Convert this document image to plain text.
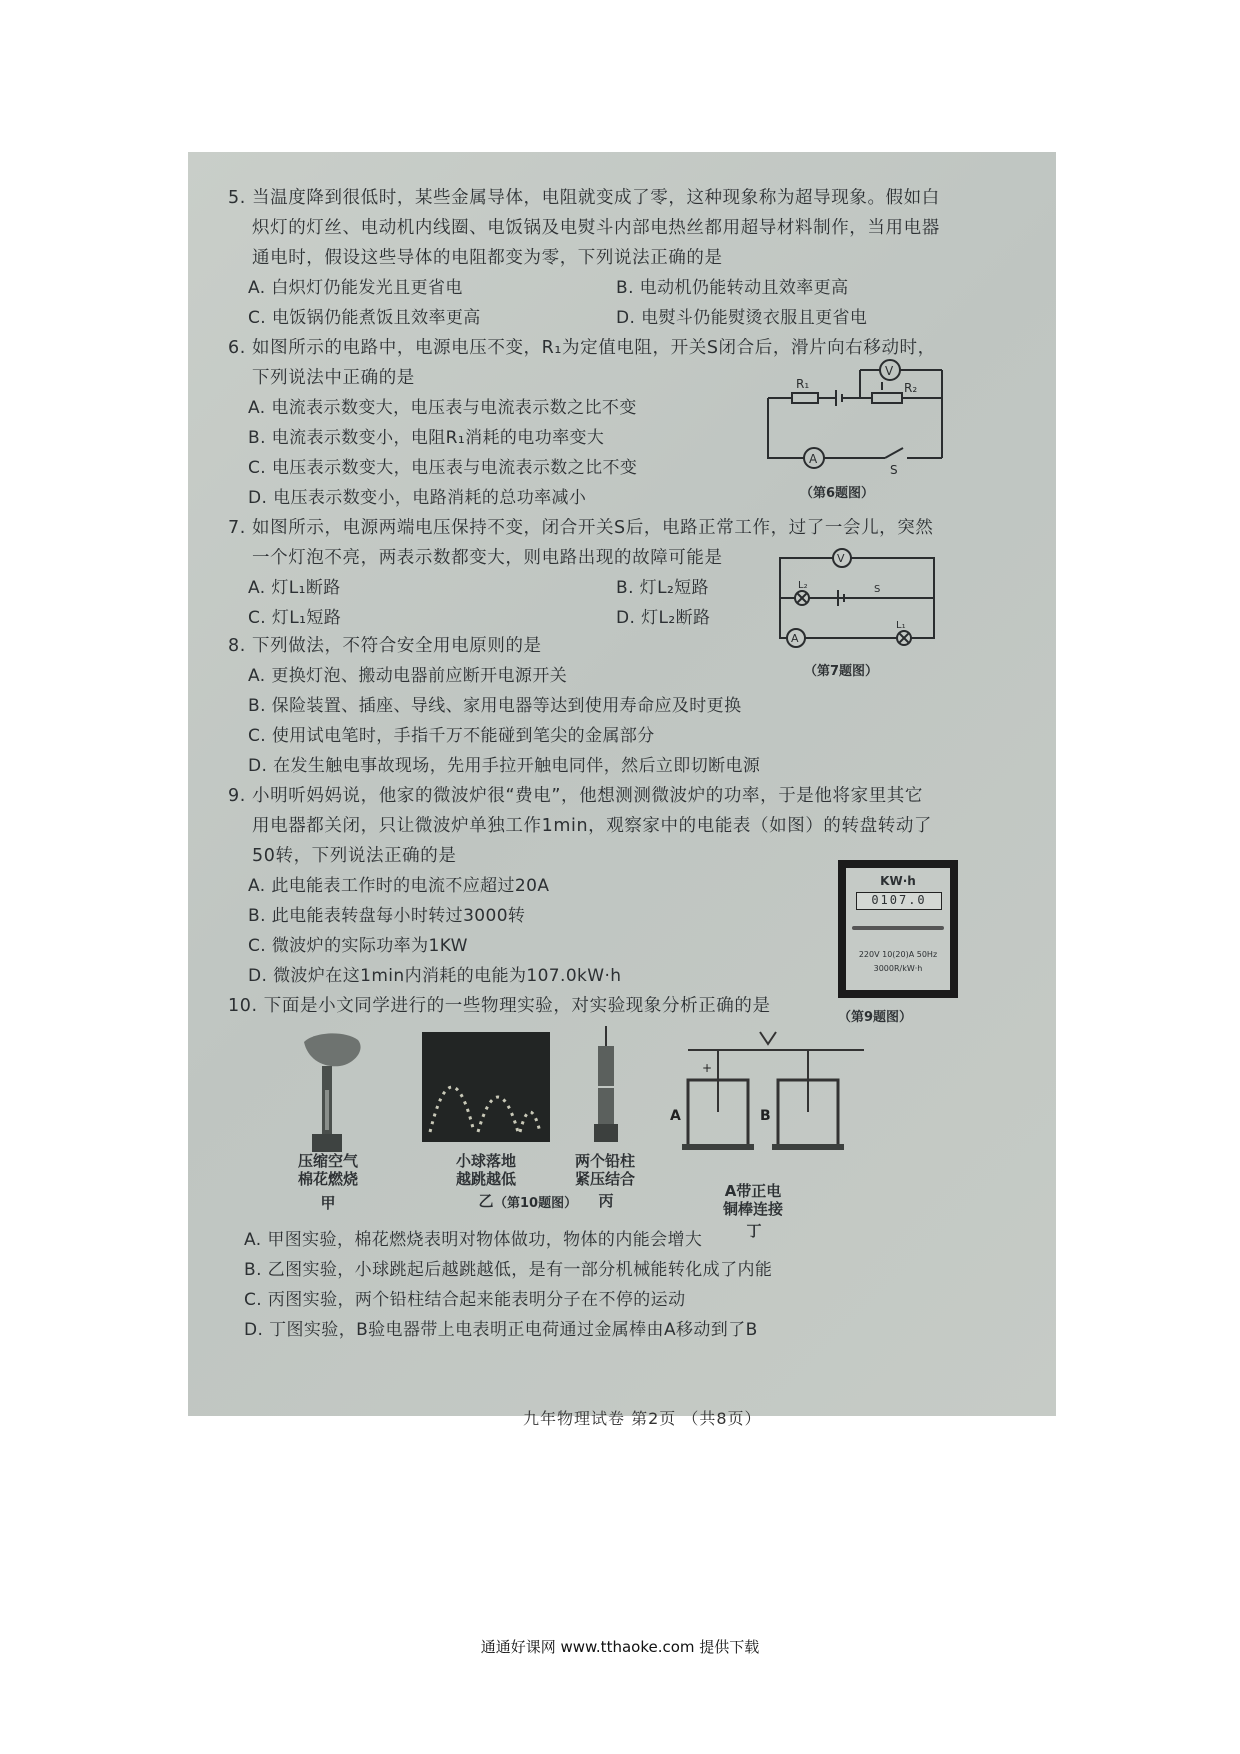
5. 当温度降到很低时，某些金属导体，电阻就变成了零，这种现象称为超导现象。假如白
炽灯的灯丝、电动机内线圈、电饭锅及电熨斗内部电热丝都用超导材料制作，当用电器
通电时，假设这些导体的电阻都变为零，下列说法正确的是
A. 白炽灯仍能发光且更省电	B. 电动机仍能转动且效率更高
C. 电饭锅仍能煮饭且效率更高	D. 电熨斗仍能熨烫衣服且更省电
6. 如图所示的电路中，电源电压不变，R₁为定值电阻，开关S闭合后，滑片向右移动时，
下列说法中正确的是
A. 电流表示数变大，电压表与电流表示数之比不变
B. 电流表示数变小，电阻R₁消耗的电功率变大
C. 电压表示数变大，电压表与电流表示数之比不变
D. 电压表示数变小，电路消耗的总功率减小
R₁	R₂
V
A
S
（第6题图）
7. 如图所示，电源两端电压保持不变，闭合开关S后，电路正常工作，过了一会儿，突然
一个灯泡不亮，两表示数都变大，则电路出现的故障可能是
A. 灯L₁断路	B. 灯L₂短路
C. 灯L₁短路	D. 灯L₂断路
V
A
L₂
L₁
S
（第7题图）
8. 下列做法，不符合安全用电原则的是
A. 更换灯泡、搬动电器前应断开电源开关
B. 保险装置、插座、导线、家用电器等达到使用寿命应及时更换
C. 使用试电笔时，手指千万不能碰到笔尖的金属部分
D. 在发生触电事故现场，先用手拉开触电同伴，然后立即切断电源
9. 小明听妈妈说，他家的微波炉很“费电”，他想测测微波炉的功率，于是他将家里其它
用电器都关闭，只让微波炉单独工作1min，观察家中的电能表（如图）的转盘转动了
50转，下列说法正确的是
A. 此电能表工作时的电流不应超过20A
B. 此电能表转盘每小时转过3000转
C. 微波炉的实际功率为1KW
D. 微波炉在这1min内消耗的电能为107.0kW·h
KW·h
0107.0
220V 10(20)A 50Hz
3000R/kW·h
（第9题图）
10. 下面是小文同学进行的一些物理实验，对实验现象分析正确的是
压缩空气
棉花燃烧
甲
小球落地
越跳越低
乙 （第10题图）
两个铅柱
紧压结合
丙
+
A	B
A带正电
铜棒连接
丁
A. 甲图实验，棉花燃烧表明对物体做功，物体的内能会增大
B. 乙图实验，小球跳起后越跳越低，是有一部分机械能转化成了内能
C. 丙图实验，两个铅柱结合起来能表明分子在不停的运动
D. 丁图实验，B验电器带上电表明正电荷通过金属棒由A移动到了B
九年物理试卷 第2页 （共8页）
通通好课网 www.tthaoke.com 提供下载
